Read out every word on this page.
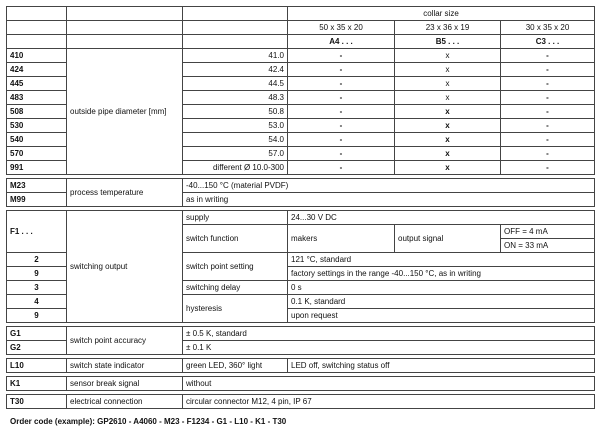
			collar size		
			50 x 35 x 20	23 x 36 x 19	30 x 35 x 20
			A4 . . .	B5 . . .	C3 . . .
410	outside pipe diameter [mm]	41.0	-	x	-
424		42.4	-	x	-
445		44.5	-	x	-
483		48.3	-	x	-
508		50.8	-	x	-
530		53.0	-	x	-
540		54.0	-	x	-
570		57.0	-	x	-
991		different Ø 10.0-300	-	x	-

M23	process temperature	-40...150 °C (material PVDF)			
M99		as in writing			

F1 . . .	switching output	supply	24...30 V DC		
		switch function	makers	output signal	OFF = 4 mA
					ON = 33 mA
2		switch point setting	121 °C, standard		
9			factory settings in the range -40...150 °C, as in writing		
3		switching delay	0 s		
4		hysteresis	0.1 K, standard		

9			upon request		

G1	switch point accuracy	± 0.5 K, standard			
G2		± 0.1 K			

L10	switch state indicator	green LED, 360° light	LED off, switching status off		

K1	sensor break signal	without			

T30	electrical connection	circular connector M12, 4 pin, IP 67			
Order code (example): GP2610 - A4060 - M23 - F1234 - G1 - L10 - K1 - T30
